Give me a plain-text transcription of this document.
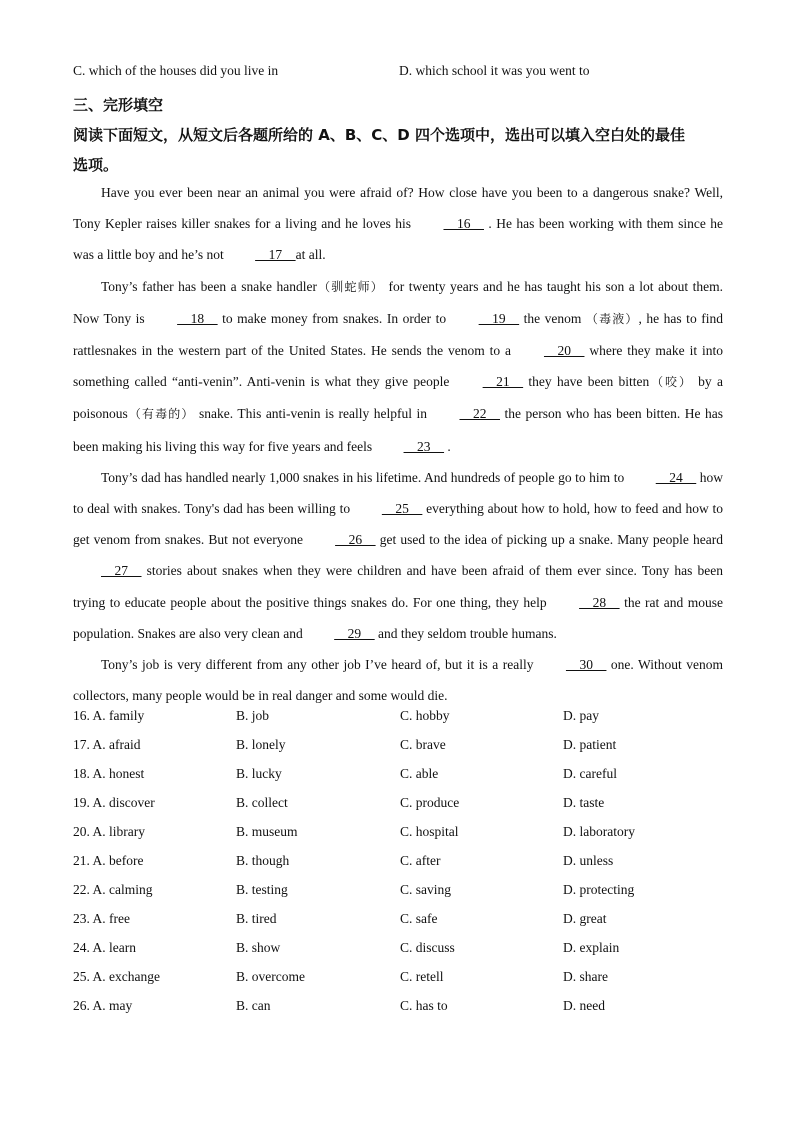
C. which of the houses did you live in	D. which school it was you went to
三、完形填空
阅读下面短文，从短文后各题所给的 A、B、C、D 四个选项中，选出可以填入空白处的最佳
选项。

Have you ever been near an animal you were afraid of? How close have you been to a dangerous snake? Well, Tony Kepler raises killer snakes for a living and he loves his   16   . He has been working with them since he was a little boy and he’s not   17  at all.

Tony’s father has been a snake handler（驯蛇师） for twenty years and he has taught his son a lot about them. Now Tony is   18   to make money from snakes. In order to   19   the venom （毒液）, he has to find rattlesnakes in the western part of the United States. He sends the venom to a   20   where they make it into something called “anti-venin”. Anti-venin is what they give people   21   they have been bitten（咬） by a poisonous（有毒的） snake. This anti-venin is really helpful in   22   the person who has been bitten. He has been making his living this way for five years and feels   23   .

Tony’s dad has handled nearly 1,000 snakes in his lifetime. And hundreds of people go to him to   24   how to deal with snakes. Tony's dad has been willing to   25   everything about how to hold, how to feed and how to get venom from snakes. But not everyone   26   get used to the idea of picking up a snake. Many people heard   27   stories about snakes when they were children and have been afraid of them ever since. Tony has been trying to educate people about the positive things snakes do. For one thing, they help   28   the rat and mouse population. Snakes are also very clean and   29   and they seldom trouble humans.

Tony’s job is very different from any other job I’ve heard of, but it is a really   30   one. Without venom collectors, many people would be in real danger and some would die.

16. A. family	B. job	C. hobby	D. pay
17. A. afraid	B. lonely	C. brave	D. patient
18. A. honest	B. lucky	C. able	D. careful
19. A. discover	B. collect	C. produce	D. taste
20. A. library	B. museum	C. hospital	D. laboratory
21. A. before	B. though	C. after	D. unless
22. A. calming	B. testing	C. saving	D. protecting
23. A. free	B. tired	C. safe	D. great
24. A. learn	B. show	C. discuss	D. explain
25. A. exchange	B. overcome	C. retell	D. share
26. A. may	B. can	C. has to	D. need
